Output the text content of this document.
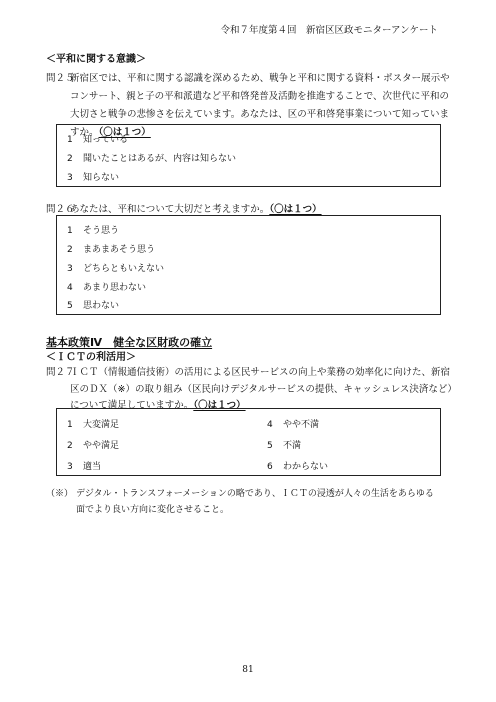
令和７年度第４回　新宿区区政モニターアンケート
＜平和に関する意識＞
問２５
新宿区では、平和に関する認識を深めるため、戦争と平和に関する資料・ポスター展示や
コンサート、親と子の平和派遣など平和啓発普及活動を推進することで、次世代に平和の
大切さと戦争の悲惨さを伝えています。あなたは、区の平和啓発事業について知っていま
すか。（〇は１つ）
1 知っている
2 聞いたことはあるが、内容は知らない
3 知らない
問２６
あなたは、平和について大切だと考えますか。（〇は１つ）
1 そう思う
2 まあまあそう思う
3 どちらともいえない
4 あまり思わない
5 思わない
基本政策Ⅳ　健全な区財政の確立
＜ＩＣＴの利活用＞
問２７
ＩＣＴ（情報通信技術）の活用による区民サービスの向上や業務の効率化に向けた、新宿
区のＤＸ（※）の取り組み（区民向けデジタルサービスの提供、キャッシュレス決済など）
について満足していますか。（〇は１つ）
1 大変満足	4 やや不満
2 やや満足	5 不満
3 適当	6 わからない
（※） デジタル・トランスフォーメーションの略であり、ＩＣＴの浸透が人々の生活をあらゆる
面でより良い方向に変化させること。
81
